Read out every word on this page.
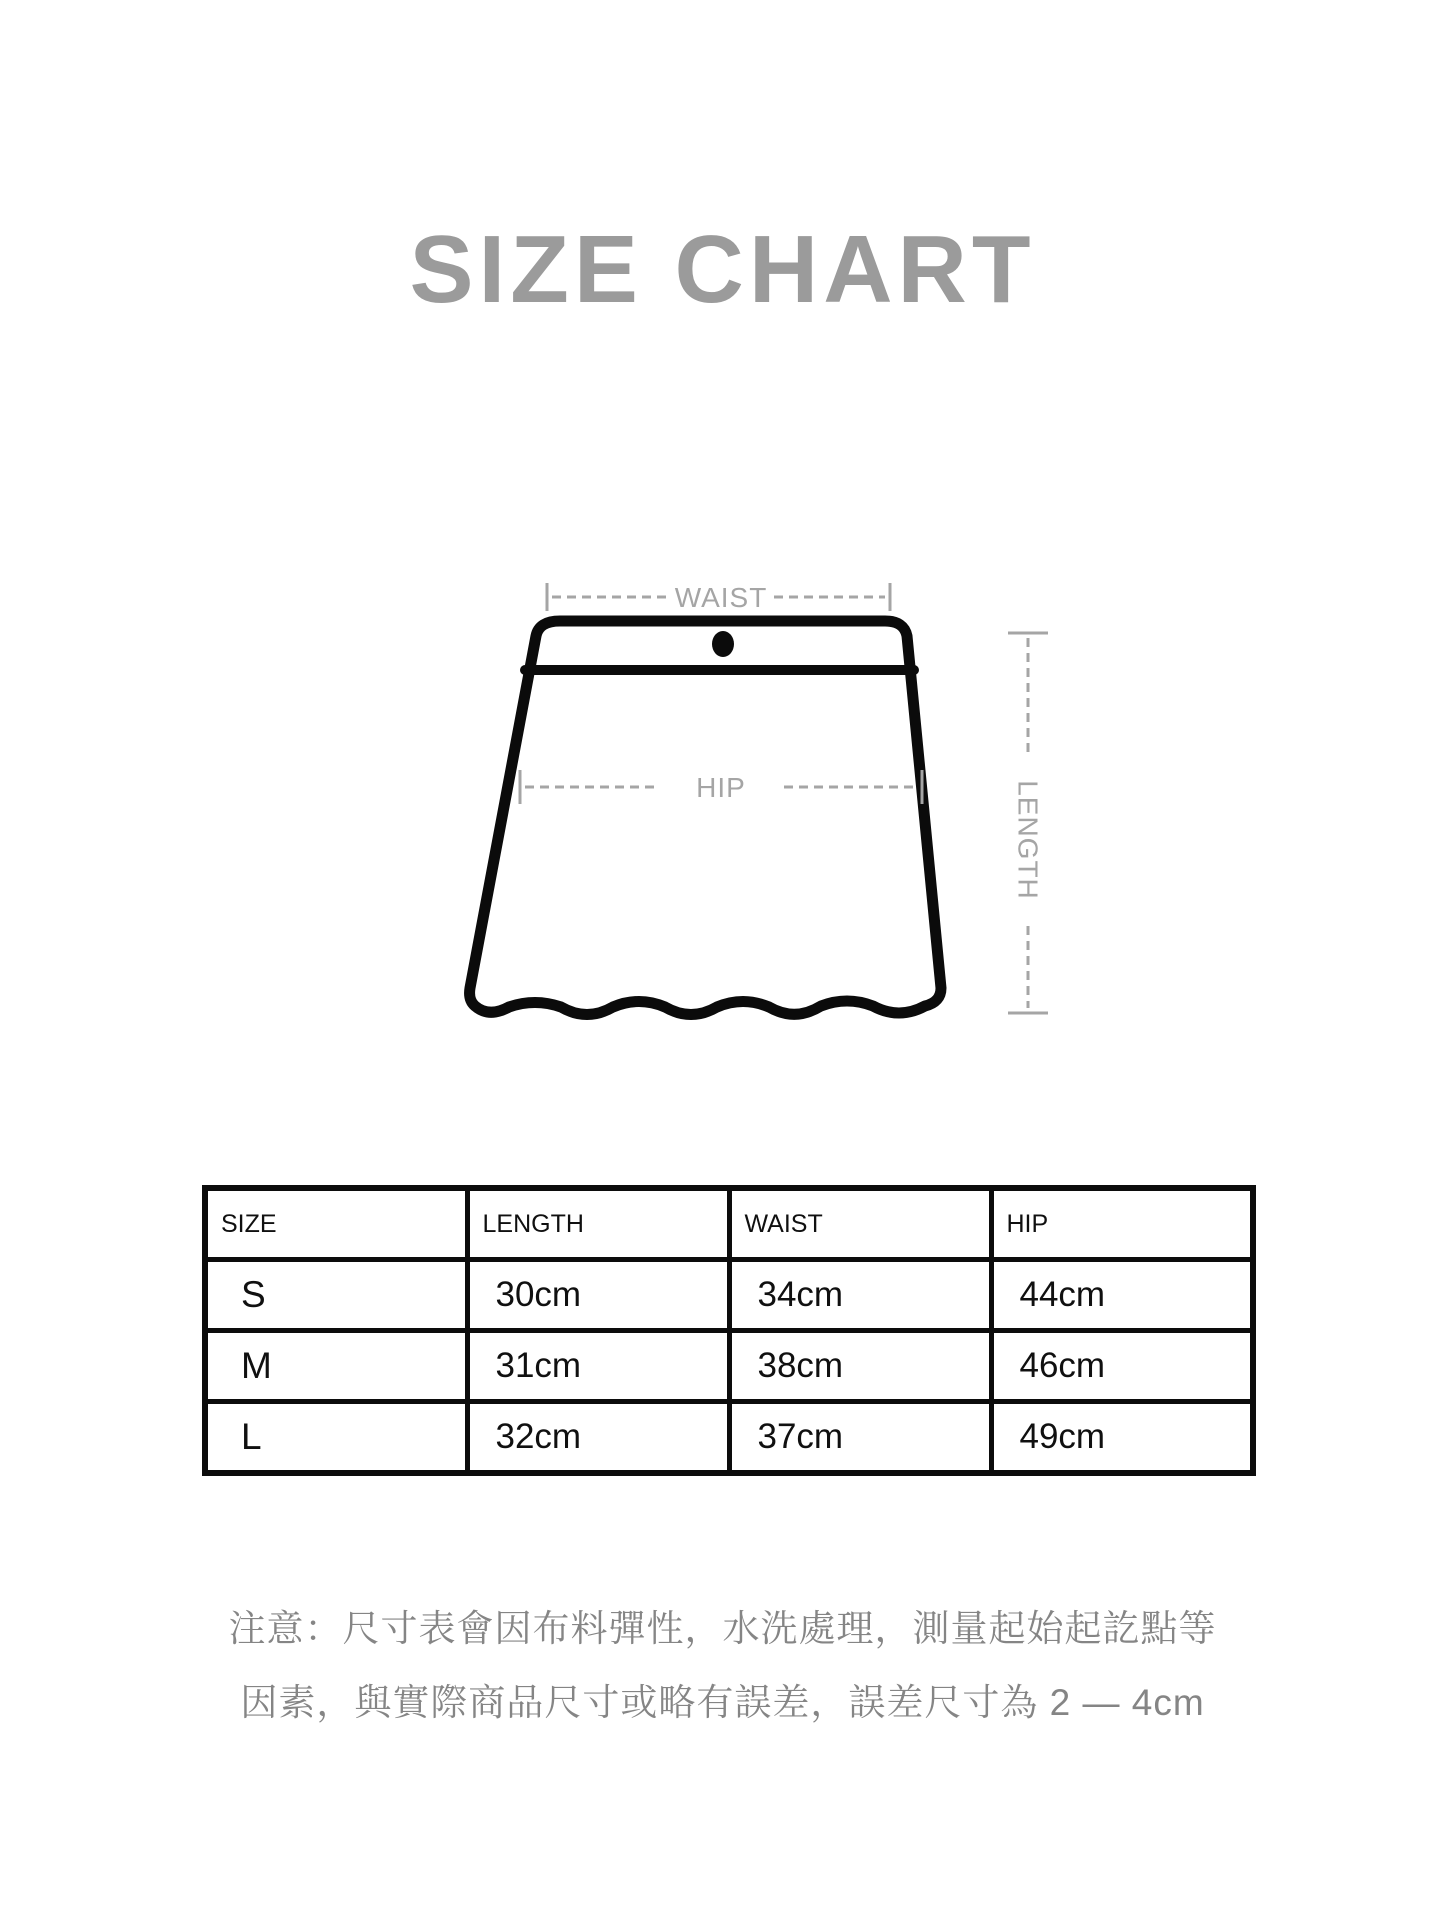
SIZE CHART
WAIST
HIP	LENGTH
SIZE	LENGTH	WAIST	HIP
S	30cm	34cm	44cm
M	31cm	38cm	46cm
L	32cm	37cm	49cm
注意：尺寸表會因布料彈性，水洗處理，測量起始起訖點等
因素，與實際商品尺寸或略有誤差，誤差尺寸為 2 — 4cm
